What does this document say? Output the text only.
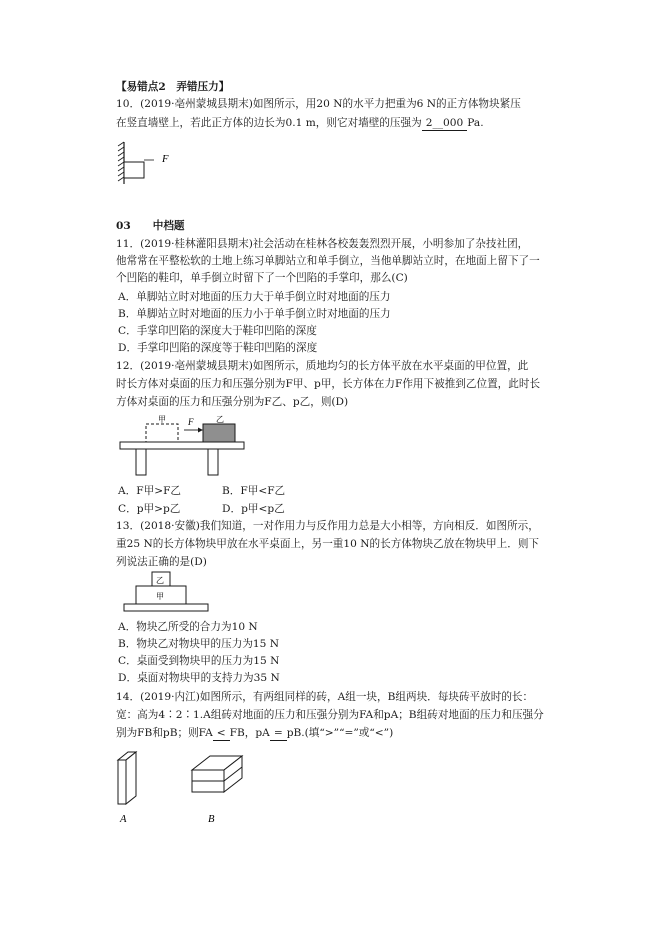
【易错点2　弄错压力】
10．(2019·亳州蒙城县期末)如图所示，用20 N的水平力把重为6 N的正方体物块紧压
在竖直墙壁上，若此正方体的边长为0.1 m，则它对墙壁的压强为 2__000 Pa.
F
03 中档题
11．(2019·桂林灌阳县期末)社会活动在桂林各校轰轰烈烈开展，小明参加了杂技社团，
他常常在平整松软的土地上练习单脚站立和单手倒立，当他单脚站立时，在地面上留下了一
个凹陷的鞋印，单手倒立时留下了一个凹陷的手掌印，那么(C)
A．单脚站立时对地面的压力大于单手倒立时对地面的压力
B．单脚站立时对地面的压力小于单手倒立时对地面的压力
C．手掌印凹陷的深度大于鞋印凹陷的深度
D．手掌印凹陷的深度等于鞋印凹陷的深度
12．(2019·亳州蒙城县期末)如图所示，质地均匀的长方体平放在水平桌面的甲位置，此
时长方体对桌面的压力和压强分别为F甲、p甲，长方体在力F作用下被推到乙位置，此时长
方体对桌面的压力和压强分别为F乙、p乙，则(D)
甲 F	乙
A．F甲>F乙	B．F甲<F乙
C．p甲>p乙	D．p甲<p乙
13．(2018·安徽)我们知道，一对作用力与反作用力总是大小相等，方向相反．如图所示，
重25 N的长方体物块甲放在水平桌面上，另一重10 N的长方体物块乙放在物块甲上．则下
列说法正确的是(D)
乙
甲
A．物块乙所受的合力为10 N
B．物块乙对物块甲的压力为15 N
C．桌面受到物块甲的压力为15 N
D．桌面对物块甲的支持力为35 N
14．(2019·内江)如图所示，有两组同样的砖，A组一块，B组两块．每块砖平放时的长：
宽：高为4∶2∶1.A组砖对地面的压力和压强分别为FA和pA；B组砖对地面的压力和压强分
别为FB和pB；则FA < FB，pA = pB.(填“>”“=”或“<”)
A	B
